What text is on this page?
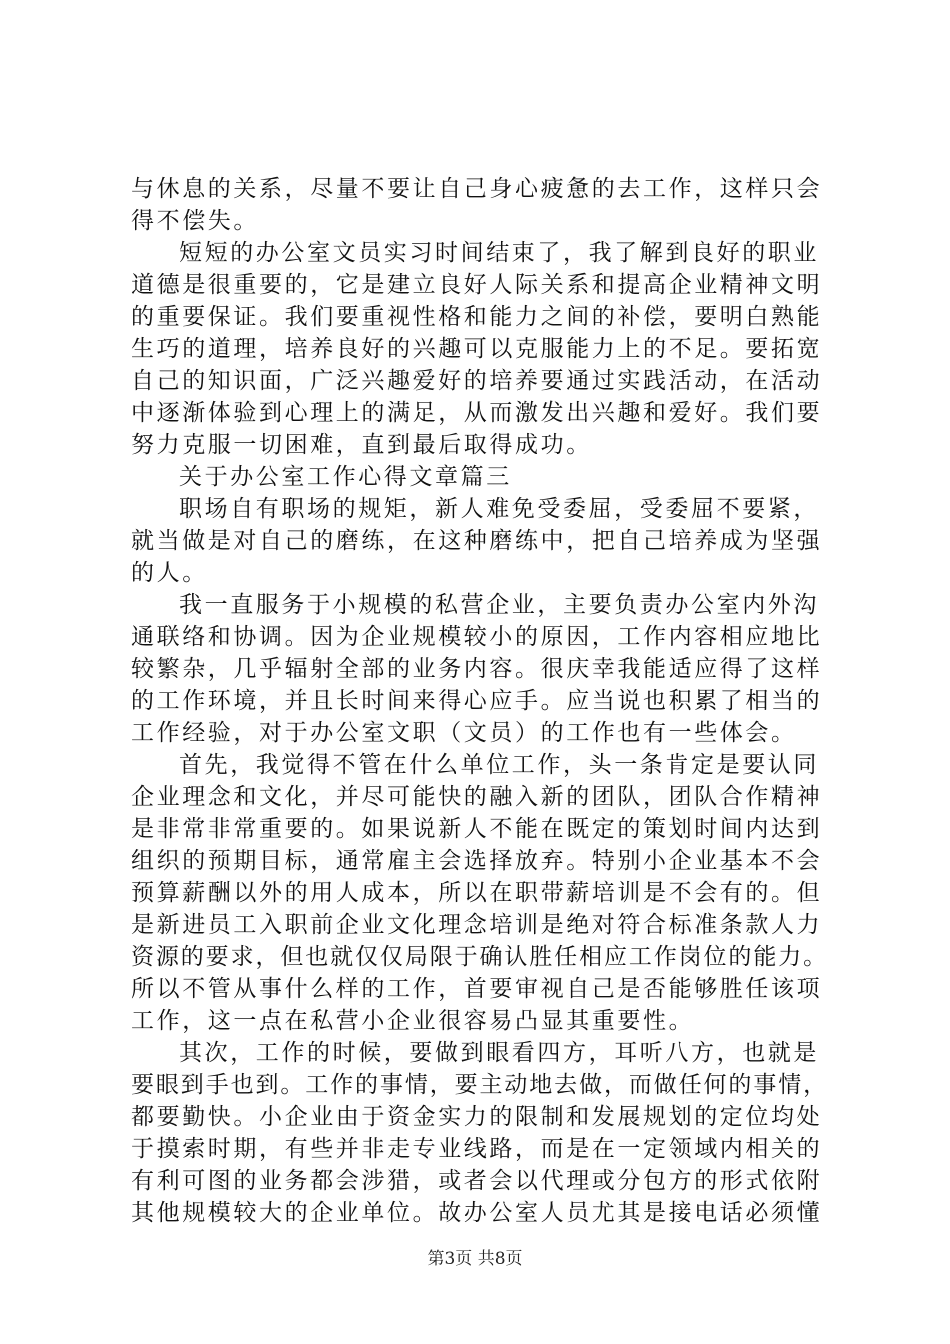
与休息的关系，尽量不要让自己身心疲惫的去工作，这样只会
得不偿失。
短短的办公室文员实习时间结束了，我了解到良好的职业
道德是很重要的，它是建立良好人际关系和提高企业精神文明
的重要保证。我们要重视性格和能力之间的补偿，要明白熟能
生巧的道理，培养良好的兴趣可以克服能力上的不足。要拓宽
自己的知识面，广泛兴趣爱好的培养要通过实践活动，在活动
中逐渐体验到心理上的满足，从而激发出兴趣和爱好。我们要
努力克服一切困难，直到最后取得成功。
关于办公室工作心得文章篇三
职场自有职场的规矩，新人难免受委屈，受委屈不要紧，
就当做是对自己的磨练，在这种磨练中，把自己培养成为坚强
的人。
我一直服务于小规模的私营企业，主要负责办公室内外沟
通联络和协调。因为企业规模较小的原因，工作内容相应地比
较繁杂，几乎辐射全部的业务内容。很庆幸我能适应得了这样
的工作环境，并且长时间来得心应手。应当说也积累了相当的
工作经验，对于办公室文职（文员）的工作也有一些体会。
首先，我觉得不管在什么单位工作，头一条肯定是要认同
企业理念和文化，并尽可能快的融入新的团队，团队合作精神
是非常非常重要的。如果说新人不能在既定的策划时间内达到
组织的预期目标，通常雇主会选择放弃。特别小企业基本不会
预算薪酬以外的用人成本，所以在职带薪培训是不会有的。但
是新进员工入职前企业文化理念培训是绝对符合标准条款人力
资源的要求，但也就仅仅局限于确认胜任相应工作岗位的能力。
所以不管从事什么样的工作，首要审视自己是否能够胜任该项
工作，这一点在私营小企业很容易凸显其重要性。
其次，工作的时候，要做到眼看四方，耳听八方，也就是
要眼到手也到。工作的事情，要主动地去做，而做任何的事情，
都要勤快。小企业由于资金实力的限制和发展规划的定位均处
于摸索时期，有些并非走专业线路，而是在一定领域内相关的
有利可图的业务都会涉猎，或者会以代理或分包方的形式依附
其他规模较大的企业单位。故办公室人员尤其是接电话必须懂
第3页 共8页
